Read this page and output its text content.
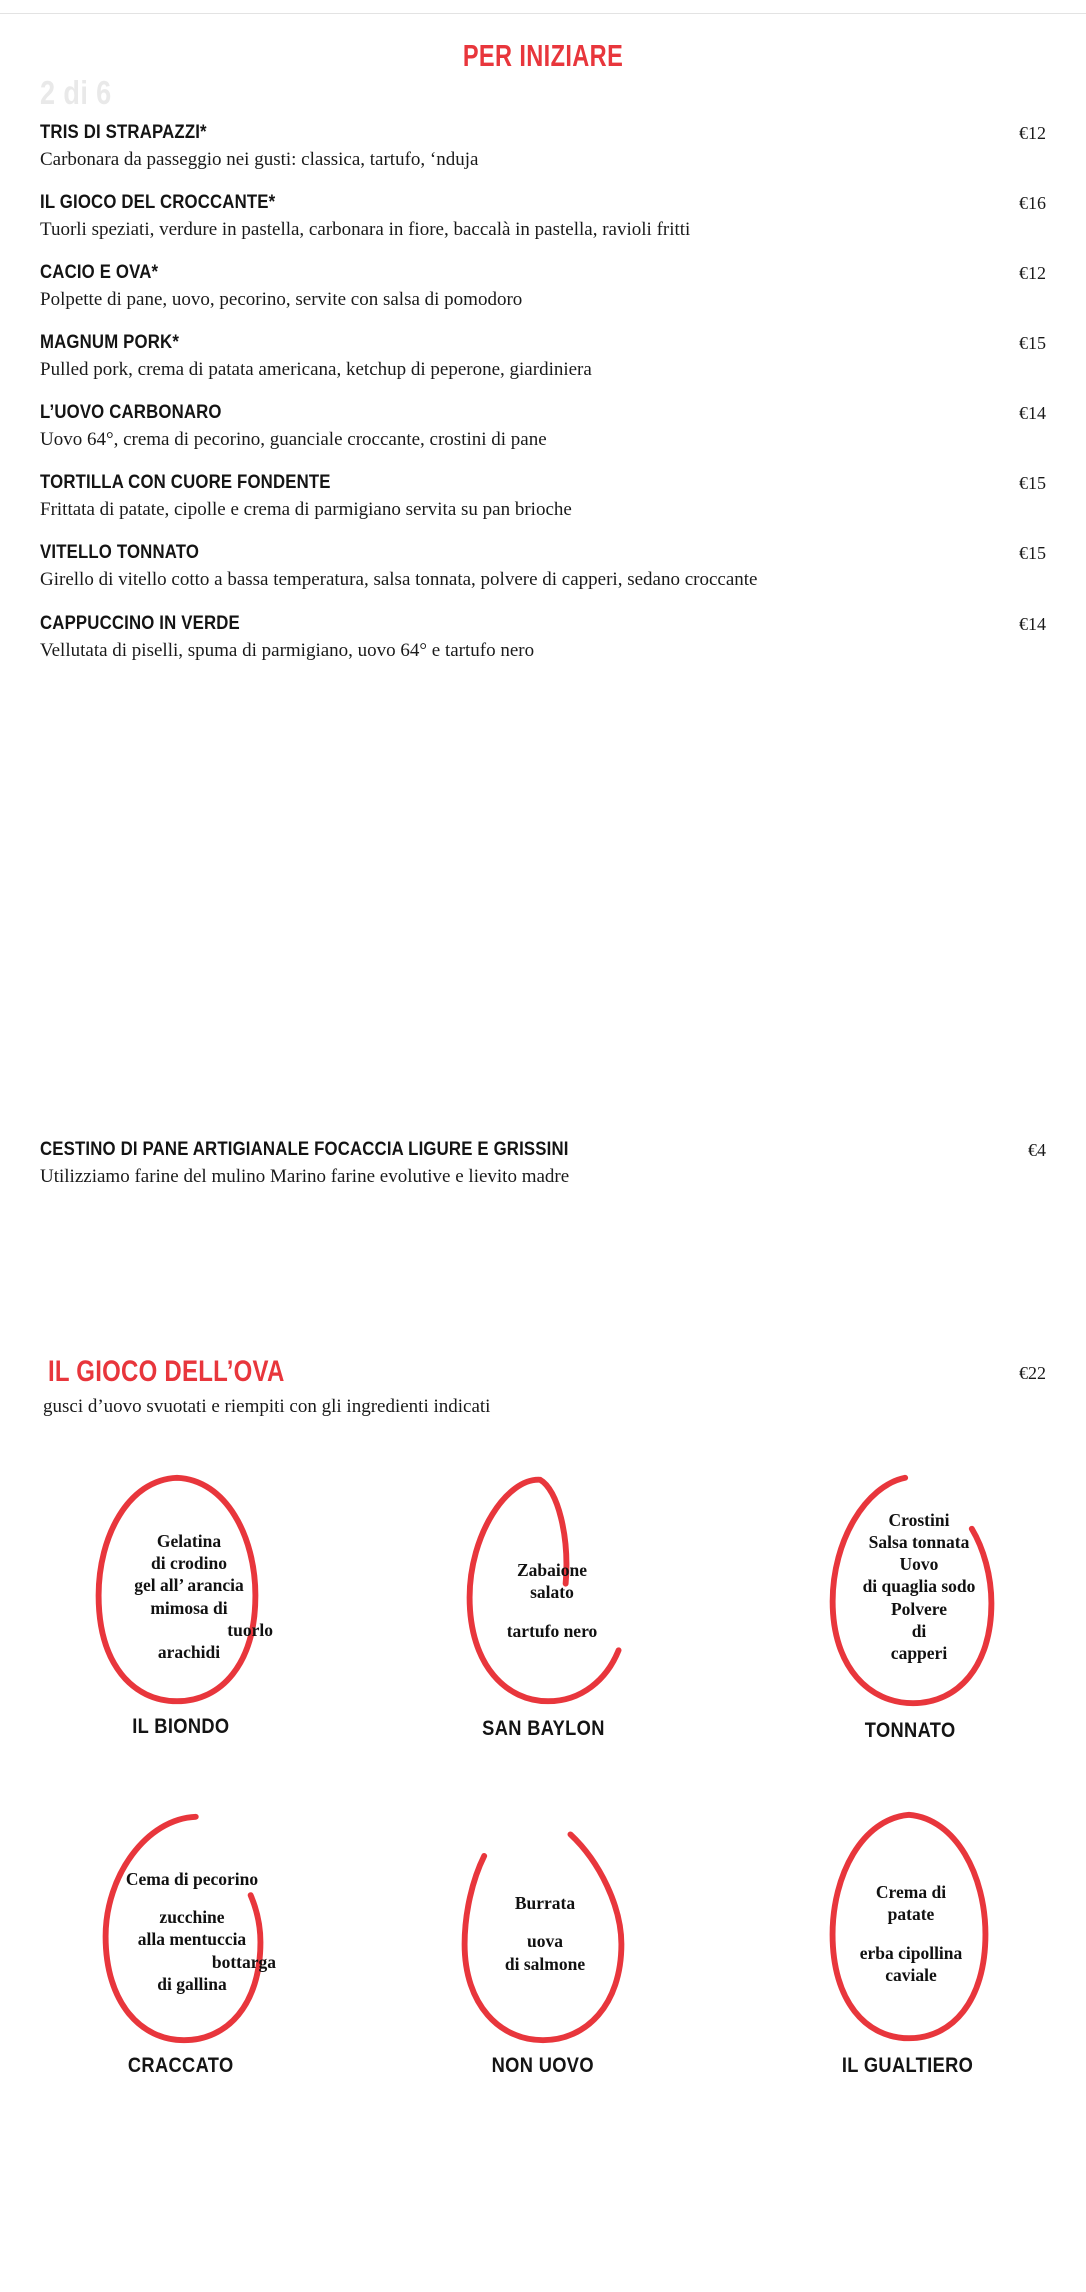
PER INIZIARE
2 di 6
TRIS DI STRAPAZZI*	€12
Carbonara da passeggio nei gusti: classica, tartufo, ‘nduja
IL GIOCO DEL CROCCANTE*	€16
Tuorli speziati, verdure in pastella, carbonara in fiore, baccalà in pastella, ravioli fritti
CACIO E OVA*	€12
Polpette di pane, uovo, pecorino, servite con salsa di pomodoro
MAGNUM PORK*	€15
Pulled pork, crema di patata americana, ketchup di peperone, giardiniera
L’UOVO CARBONARO	€14
Uovo 64°, crema di pecorino, guanciale croccante, crostini di pane
TORTILLA CON CUORE FONDENTE	€15
Frittata di patate, cipolle e crema di parmigiano servita su pan brioche
VITELLO TONNATO	€15
Girello di vitello cotto a bassa temperatura, salsa tonnata, polvere di capperi, sedano croccante
CAPPUCCINO IN VERDE	€14
Vellutata di piselli, spuma di parmigiano, uovo 64° e tartufo nero
CESTINO DI PANE ARTIGIANALE FOCACCIA LIGURE E GRISSINI	€4
Utilizziamo farine del mulino Marino farine evolutive e lievito madre
IL GIOCO DELL’OVA	€22
gusci d’uovo svuotati e riempiti con gli ingredienti indicati
Gelatina
di crodino
gel all’ arancia
mimosa di
tuorlo
arachidi
IL BIONDO
Zabaione
salato
tartufo nero
SAN BAYLON
Crostini
Salsa tonnata
Uovo
di quaglia sodo
Polvere
di
capperi
TONNATO
Cema di pecorino
zucchine
alla mentuccia
bottarga
di gallina
CRACCATO
Burrata
uova
di salmone
NON UOVO
Crema di
patate
erba cipollina
caviale
IL GUALTIERO
